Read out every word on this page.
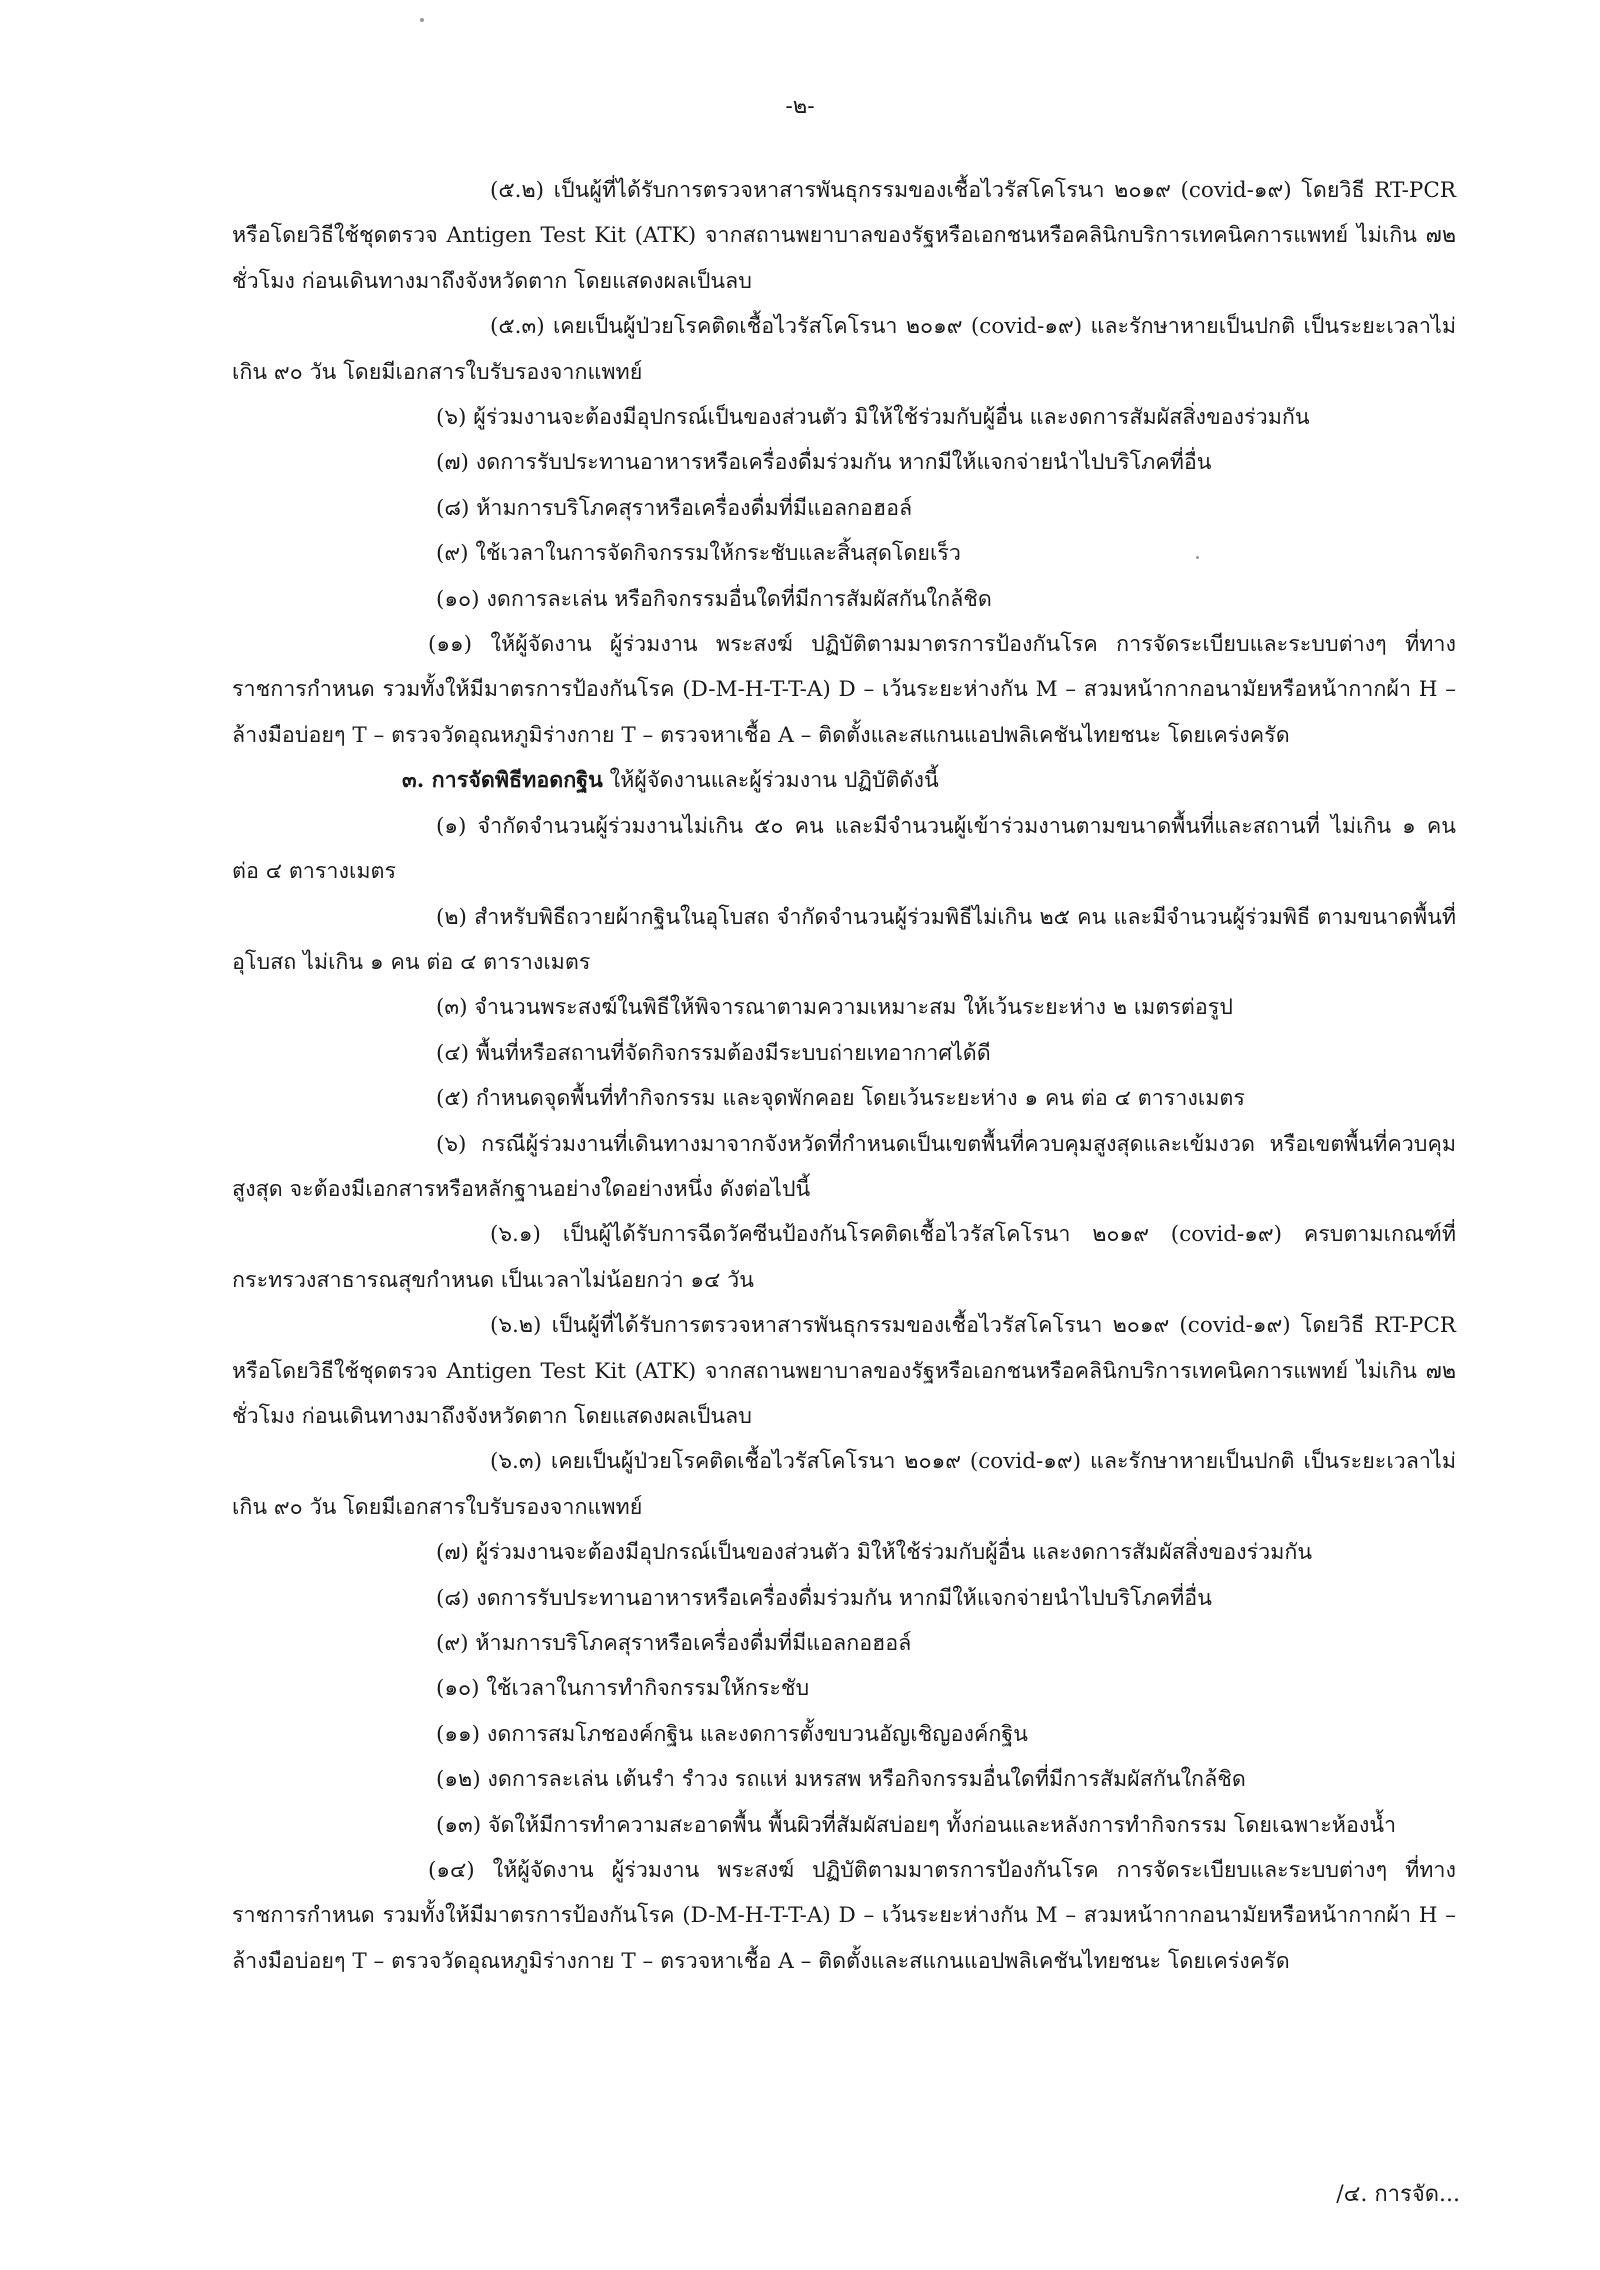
-๒-

(๕.๒) เป็นผู้ที่ได้รับการตรวจหาสารพันธุกรรมของเชื้อไวรัสโคโรนา ๒๐๑๙ (covid-๑๙) โดยวิธี RT-PCR หรือโดยวิธีใช้ชุดตรวจ Antigen Test Kit (ATK) จากสถานพยาบาลของรัฐหรือเอกชนหรือคลินิกบริการเทคนิคการแพทย์ ไม่เกิน ๗๒ ชั่วโมง ก่อนเดินทางมาถึงจังหวัดตาก โดยแสดงผลเป็นลบ

(๕.๓) เคยเป็นผู้ป่วยโรคติดเชื้อไวรัสโคโรนา ๒๐๑๙ (covid-๑๙) และรักษาหายเป็นปกติ เป็นระยะเวลาไม่เกิน ๙๐ วัน โดยมีเอกสารใบรับรองจากแพทย์

(๖) ผู้ร่วมงานจะต้องมีอุปกรณ์เป็นของส่วนตัว มิให้ใช้ร่วมกับผู้อื่น และงดการสัมผัสสิ่งของร่วมกัน

(๗) งดการรับประทานอาหารหรือเครื่องดื่มร่วมกัน หากมีให้แจกจ่ายนำไปบริโภคที่อื่น

(๘) ห้ามการบริโภคสุราหรือเครื่องดื่มที่มีแอลกอฮอล์

(๙) ใช้เวลาในการจัดกิจกรรมให้กระชับและสิ้นสุดโดยเร็ว

(๑๐) งดการละเล่น หรือกิจกรรมอื่นใดที่มีการสัมผัสกันใกล้ชิด

(๑๑) ให้ผู้จัดงาน ผู้ร่วมงาน พระสงฆ์ ปฏิบัติตามมาตรการป้องกันโรค การจัดระเบียบและระบบต่างๆ ที่ทางราชการกำหนด รวมทั้งให้มีมาตรการป้องกันโรค (D-M-H-T-T-A) D – เว้นระยะห่างกัน M – สวมหน้ากากอนามัยหรือหน้ากากผ้า H – ล้างมือบ่อยๆ T – ตรวจวัดอุณหภูมิร่างกาย T – ตรวจหาเชื้อ A – ติดตั้งและสแกนแอปพลิเคชันไทยชนะ โดยเคร่งครัด

๓. การจัดพิธีทอดกฐิน ให้ผู้จัดงานและผู้ร่วมงาน ปฏิบัติดังนี้

(๑) จำกัดจำนวนผู้ร่วมงานไม่เกิน ๕๐ คน และมีจำนวนผู้เข้าร่วมงานตามขนาดพื้นที่และสถานที่ ไม่เกิน ๑ คน ต่อ ๔ ตารางเมตร

(๒) สำหรับพิธีถวายผ้ากฐินในอุโบสถ จำกัดจำนวนผู้ร่วมพิธีไม่เกิน ๒๕ คน และมีจำนวนผู้ร่วมพิธี ตามขนาดพื้นที่อุโบสถ ไม่เกิน ๑ คน ต่อ ๔ ตารางเมตร

(๓) จำนวนพระสงฆ์ในพิธีให้พิจารณาตามความเหมาะสม ให้เว้นระยะห่าง ๒ เมตรต่อรูป

(๔) พื้นที่หรือสถานที่จัดกิจกรรมต้องมีระบบถ่ายเทอากาศได้ดี

(๕) กำหนดจุดพื้นที่ทำกิจกรรม และจุดพักคอย โดยเว้นระยะห่าง ๑ คน ต่อ ๔ ตารางเมตร

(๖) กรณีผู้ร่วมงานที่เดินทางมาจากจังหวัดที่กำหนดเป็นเขตพื้นที่ควบคุมสูงสุดและเข้มงวด หรือเขตพื้นที่ควบคุมสูงสุด จะต้องมีเอกสารหรือหลักฐานอย่างใดอย่างหนึ่ง ดังต่อไปนี้

(๖.๑) เป็นผู้ได้รับการฉีดวัคซีนป้องกันโรคติดเชื้อไวรัสโคโรนา ๒๐๑๙ (covid-๑๙) ครบตามเกณฑ์ที่กระทรวงสาธารณสุขกำหนด เป็นเวลาไม่น้อยกว่า ๑๔ วัน

(๖.๒) เป็นผู้ที่ได้รับการตรวจหาสารพันธุกรรมของเชื้อไวรัสโคโรนา ๒๐๑๙ (covid-๑๙) โดยวิธี RT-PCR หรือโดยวิธีใช้ชุดตรวจ Antigen Test Kit (ATK) จากสถานพยาบาลของรัฐหรือเอกชนหรือคลินิกบริการเทคนิคการแพทย์ ไม่เกิน ๗๒ ชั่วโมง ก่อนเดินทางมาถึงจังหวัดตาก โดยแสดงผลเป็นลบ

(๖.๓) เคยเป็นผู้ป่วยโรคติดเชื้อไวรัสโคโรนา ๒๐๑๙ (covid-๑๙) และรักษาหายเป็นปกติ เป็นระยะเวลาไม่เกิน ๙๐ วัน โดยมีเอกสารใบรับรองจากแพทย์

(๗) ผู้ร่วมงานจะต้องมีอุปกรณ์เป็นของส่วนตัว มิให้ใช้ร่วมกับผู้อื่น และงดการสัมผัสสิ่งของร่วมกัน

(๘) งดการรับประทานอาหารหรือเครื่องดื่มร่วมกัน หากมีให้แจกจ่ายนำไปบริโภคที่อื่น

(๙) ห้ามการบริโภคสุราหรือเครื่องดื่มที่มีแอลกอฮอล์

(๑๐) ใช้เวลาในการทำกิจกรรมให้กระชับ

(๑๑) งดการสมโภชองค์กฐิน และงดการตั้งขบวนอัญเชิญองค์กฐิน

(๑๒) งดการละเล่น เต้นรำ รำวง รถแห่ มหรสพ หรือกิจกรรมอื่นใดที่มีการสัมผัสกันใกล้ชิด

(๑๓) จัดให้มีการทำความสะอาดพื้น พื้นผิวที่สัมผัสบ่อยๆ ทั้งก่อนและหลังการทำกิจกรรม โดยเฉพาะห้องน้ำ

(๑๔) ให้ผู้จัดงาน ผู้ร่วมงาน พระสงฆ์ ปฏิบัติตามมาตรการป้องกันโรค การจัดระเบียบและระบบต่างๆ ที่ทางราชการกำหนด รวมทั้งให้มีมาตรการป้องกันโรค (D-M-H-T-T-A) D – เว้นระยะห่างกัน M – สวมหน้ากากอนามัยหรือหน้ากากผ้า H – ล้างมือบ่อยๆ T – ตรวจวัดอุณหภูมิร่างกาย T – ตรวจหาเชื้อ A – ติดตั้งและสแกนแอปพลิเคชันไทยชนะ โดยเคร่งครัด

/๔. การจัด...
